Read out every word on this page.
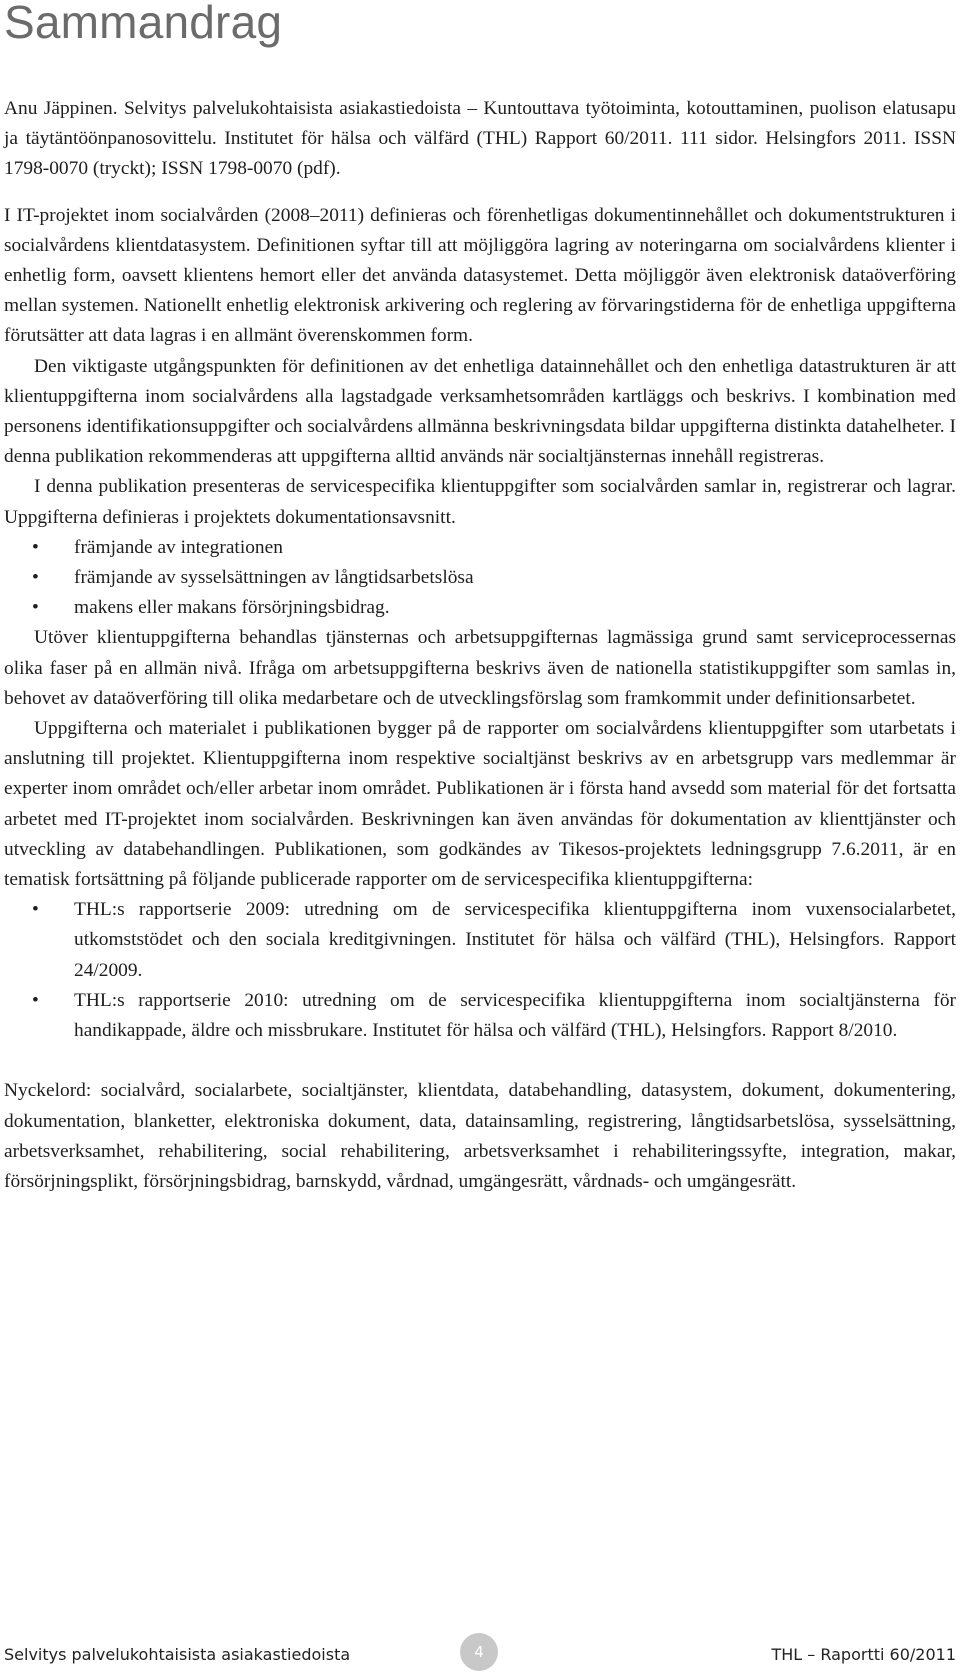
Sammandrag

Anu Jäppinen. Selvitys palvelukohtaisista asiakastiedoista – Kuntouttava työtoiminta, kotouttaminen, puolison elatusapu ja täytäntöönpanosovittelu. Institutet för hälsa och välfärd (THL) Rapport 60/2011. 111 sidor. Helsingfors 2011. ISSN 1798-0070 (tryckt); ISSN 1798-0070 (pdf).

I IT-projektet inom socialvården (2008–2011) definieras och förenhetligas dokumentinnehållet och dokumentstrukturen i socialvårdens klientdatasystem. Definitionen syftar till att möjliggöra lagring av noteringarna om socialvårdens klienter i enhetlig form, oavsett klientens hemort eller det använda datasystemet. Detta möjliggör även elektronisk dataöverföring mellan systemen. Nationellt enhetlig elektronisk arkivering och reglering av förvaringstiderna för de enhetliga uppgifterna förutsätter att data lagras i en allmänt överenskommen form.

Den viktigaste utgångspunkten för definitionen av det enhetliga datainnehållet och den enhetliga datastrukturen är att klientuppgifterna inom socialvårdens alla lagstadgade verksamhetsområden kartläggs och beskrivs. I kombination med personens identifikationsuppgifter och socialvårdens allmänna beskrivningsdata bildar uppgifterna distinkta datahelheter. I denna publikation rekommenderas att uppgifterna alltid används när socialtjänsternas innehåll registreras.

I denna publikation presenteras de servicespecifika klientuppgifter som socialvården samlar in, registrerar och lagrar. Uppgifterna definieras i projektets dokumentationsavsnitt.

• främjande av integrationen
• främjande av sysselsättningen av långtidsarbetslösa
• makens eller makans försörjningsbidrag.

Utöver klientuppgifterna behandlas tjänsternas och arbetsuppgifternas lagmässiga grund samt serviceprocessernas olika faser på en allmän nivå. Ifråga om arbetsuppgifterna beskrivs även de nationella statistikuppgifter som samlas in, behovet av dataöverföring till olika medarbetare och de utvecklingsförslag som framkommit under definitionsarbetet.

Uppgifterna och materialet i publikationen bygger på de rapporter om socialvårdens klientuppgifter som utarbetats i anslutning till projektet. Klientuppgifterna inom respektive socialtjänst beskrivs av en arbetsgrupp vars medlemmar är experter inom området och/eller arbetar inom området. Publikationen är i första hand avsedd som material för det fortsatta arbetet med IT-projektet inom socialvården. Beskrivningen kan även användas för dokumentation av klienttjänster och utveckling av databehandlingen. Publikationen, som godkändes av Tikesos-projektets ledningsgrupp 7.6.2011, är en tematisk fortsättning på följande publicerade rapporter om de servicespecifika klientuppgifterna:

• THL:s rapportserie 2009: utredning om de servicespecifika klientuppgifterna inom vuxensocialarbetet, utkomststödet och den sociala kreditgivningen. Institutet för hälsa och välfärd (THL), Helsingfors. Rapport 24/2009.
• THL:s rapportserie 2010: utredning om de servicespecifika klientuppgifterna inom socialtjänsterna för handikappade, äldre och missbrukare. Institutet för hälsa och välfärd (THL), Helsingfors. Rapport 8/2010.

Nyckelord: socialvård, socialarbete, socialtjänster, klientdata, databehandling, datasystem, dokument, dokumentering, dokumentation, blanketter, elektroniska dokument, data, datainsamling, registrering, långtidsarbetslösa, sysselsättning, arbetsverksamhet, rehabilitering, social rehabilitering, arbetsverksamhet i rehabiliteringssyfte, integration, makar, försörjningsplikt, försörjningsbidrag, barnskydd, vårdnad, umgängesrätt, vårdnads- och umgängesrätt.

Selvitys palvelukohtaisista asiakastiedoista	4	THL – Raportti 60/2011
